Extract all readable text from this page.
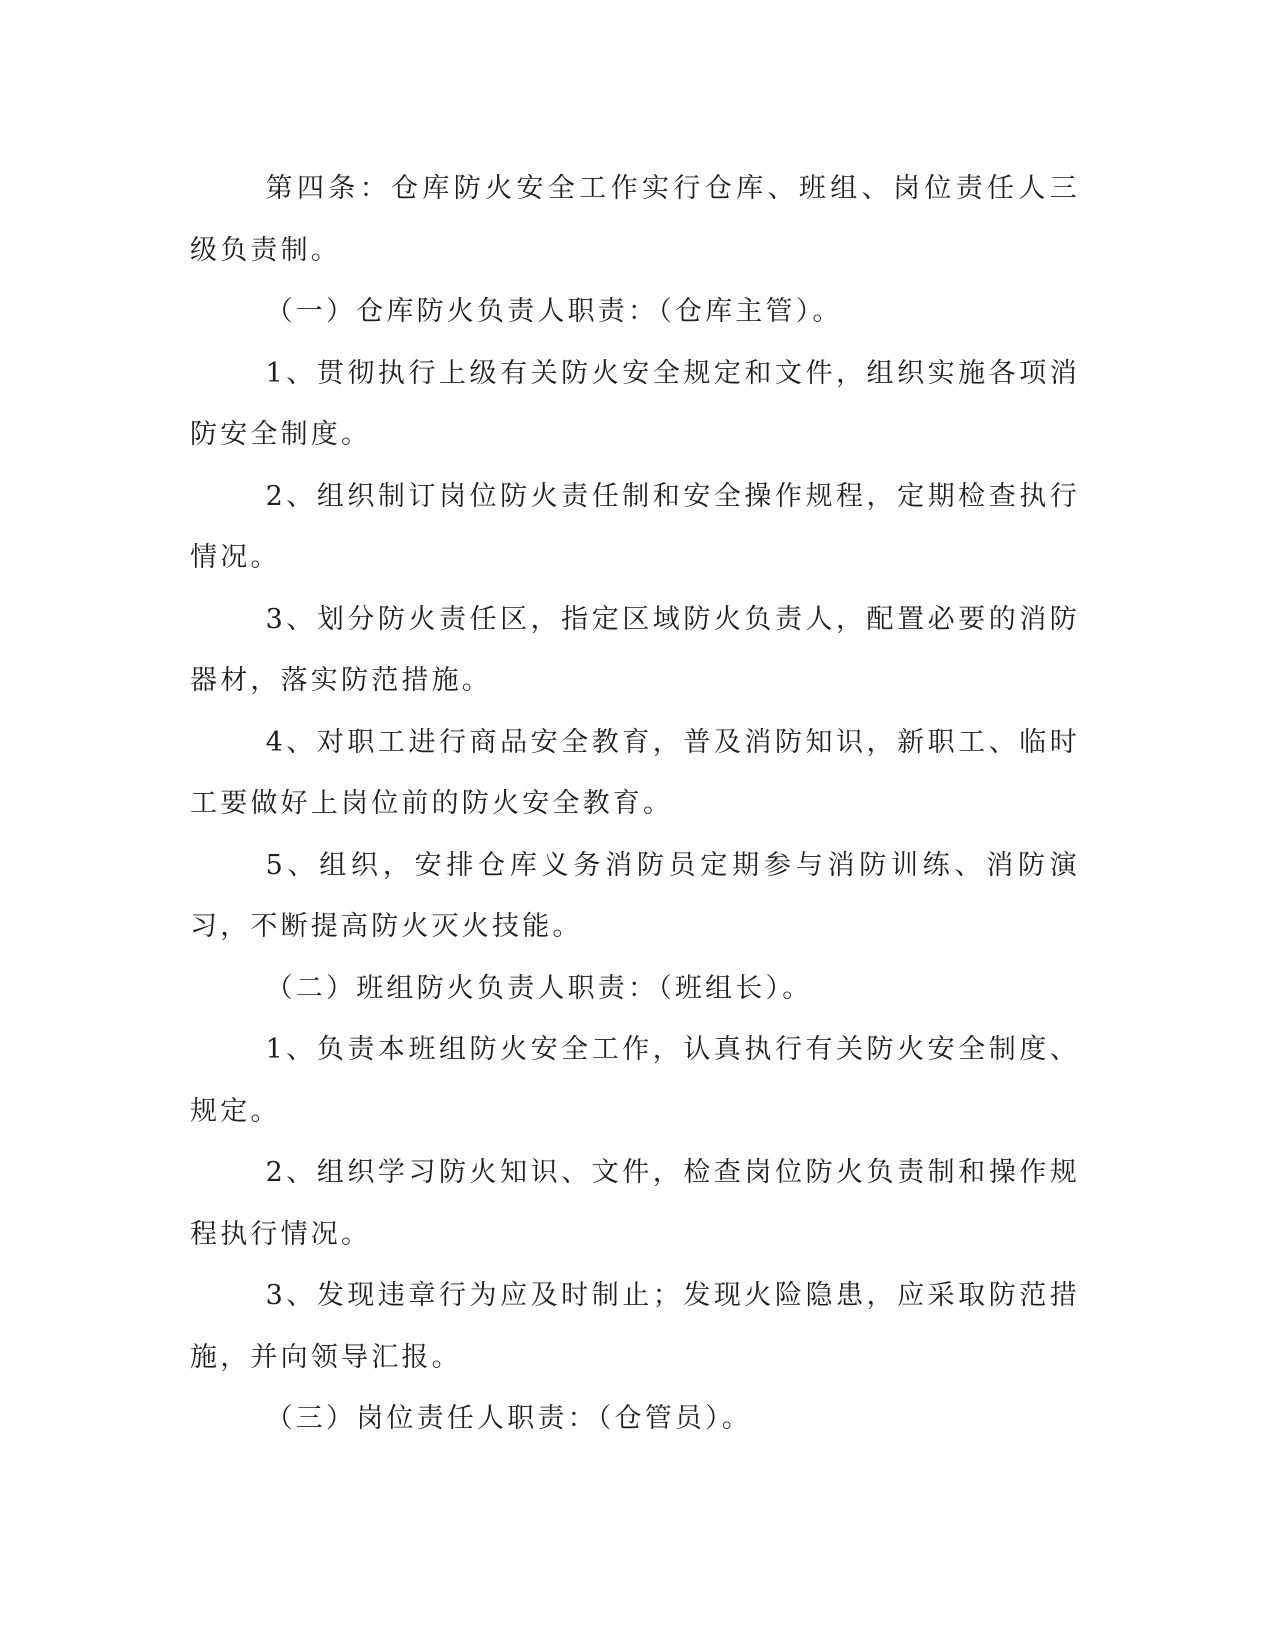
第四条：仓库防火安全工作实行仓库、班组、岗位责任人三级负责制。

（一）仓库防火负责人职责：（仓库主管）。

1、贯彻执行上级有关防火安全规定和文件，组织实施各项消防安全制度。

2、组织制订岗位防火责任制和安全操作规程，定期检查执行情况。

3、划分防火责任区，指定区域防火负责人，配置必要的消防器材，落实防范措施。

4、对职工进行商品安全教育，普及消防知识，新职工、临时工要做好上岗位前的防火安全教育。

5、组织，安排仓库义务消防员定期参与消防训练、消防演习，不断提高防火灭火技能。

（二）班组防火负责人职责：（班组长）。

1、负责本班组防火安全工作，认真执行有关防火安全制度、规定。

2、组织学习防火知识、文件，检查岗位防火负责制和操作规程执行情况。

3、发现违章行为应及时制止；发现火险隐患，应采取防范措施，并向领导汇报。

（三）岗位责任人职责：（仓管员）。
